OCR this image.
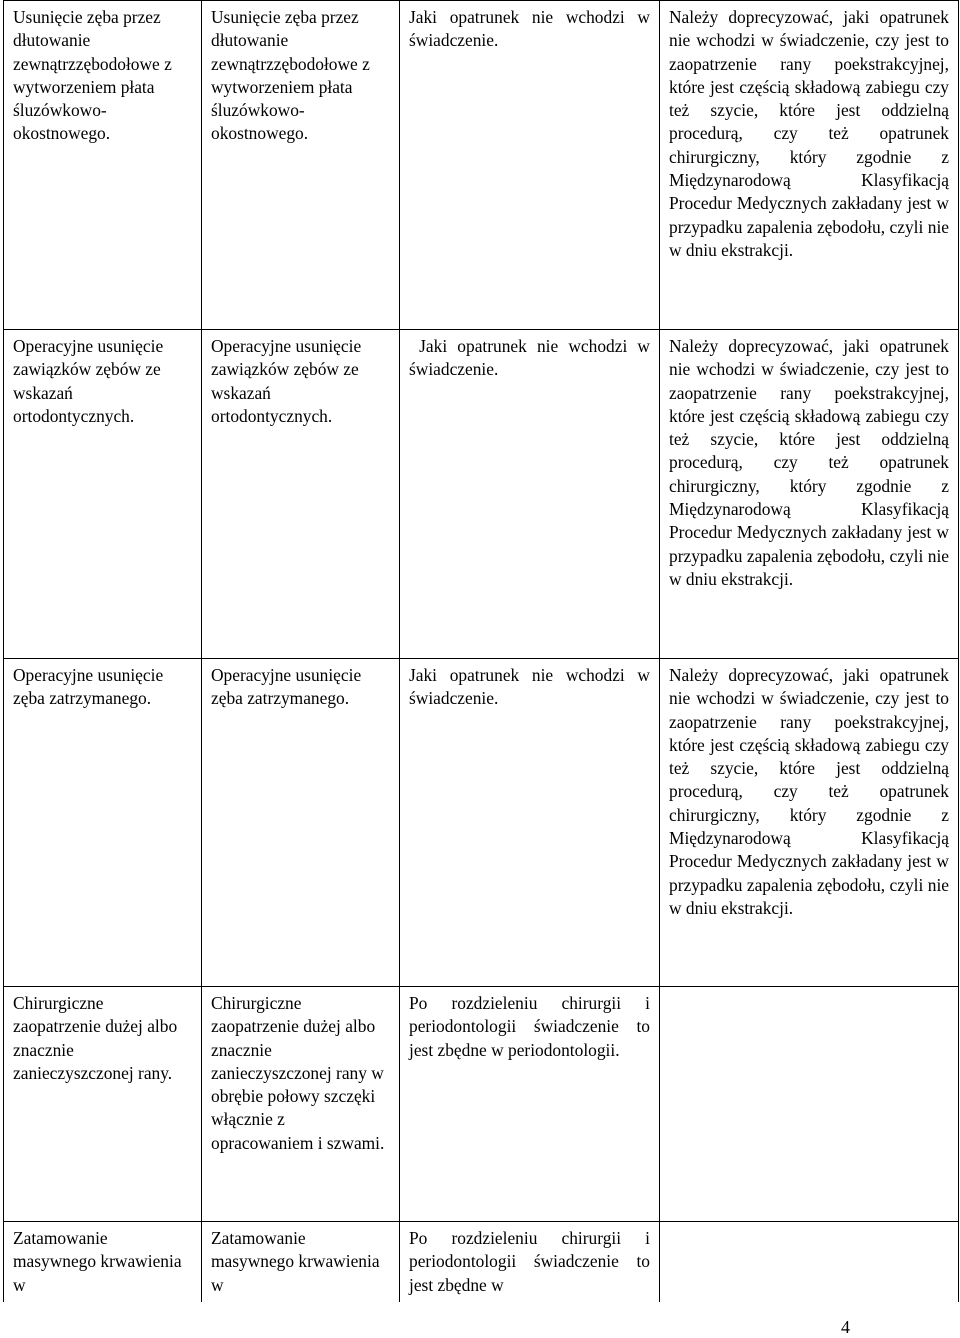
Usunięcie zęba przez dłutowanie zewnątrzzębodołowe z wytworzeniem płata śluzówkowo-okostnowego.	Usunięcie zęba przez dłutowanie zewnątrzzębodołowe z wytworzeniem płata śluzówkowo-okostnowego.	Jaki opatrunek nie wchodzi w świadczenie.	Należy doprecyzować, jaki opatrunek nie wchodzi w świadczenie, czy jest to zaopatrzenie rany poekstrakcyjnej, które jest częścią składową zabiegu czy też szycie, które jest oddzielną procedurą, czy też opatrunek chirurgiczny, który zgodnie z Międzynarodową Klasyfikacją Procedur Medycznych zakładany jest w przypadku zapalenia zębodołu, czyli nie w dniu ekstrakcji.

Operacyjne usunięcie zawiązków zębów ze wskazań ortodontycznych.	Operacyjne usunięcie zawiązków zębów ze wskazań ortodontycznych.	Jaki opatrunek nie wchodzi w świadczenie.	Należy doprecyzować, jaki opatrunek nie wchodzi w świadczenie, czy jest to zaopatrzenie rany poekstrakcyjnej, które jest częścią składową zabiegu czy też szycie, które jest oddzielną procedurą, czy też opatrunek chirurgiczny, który zgodnie z Międzynarodową Klasyfikacją Procedur Medycznych zakładany jest w przypadku zapalenia zębodołu, czyli nie w dniu ekstrakcji.

Operacyjne usunięcie zęba zatrzymanego.	Operacyjne usunięcie zęba zatrzymanego.	Jaki opatrunek nie wchodzi w świadczenie.	Należy doprecyzować, jaki opatrunek nie wchodzi w świadczenie, czy jest to zaopatrzenie rany poekstrakcyjnej, które jest częścią składową zabiegu czy też szycie, które jest oddzielną procedurą, czy też opatrunek chirurgiczny, który zgodnie z Międzynarodową Klasyfikacją Procedur Medycznych zakładany jest w przypadku zapalenia zębodołu, czyli nie w dniu ekstrakcji.

Chirurgiczne zaopatrzenie dużej albo znacznie zanieczyszczonej rany.	Chirurgiczne zaopatrzenie dużej albo znacznie zanieczyszczonej rany w obrębie połowy szczęki włącznie z opracowaniem i szwami.	Po rozdzieleniu chirurgii i periodontologii świadczenie to jest zbędne w periodontologii.	

Zatamowanie masywnego krwawienia w	Zatamowanie masywnego krwawienia w	Po rozdzieleniu chirurgii i periodontologii świadczenie to jest zbędne w	

4
